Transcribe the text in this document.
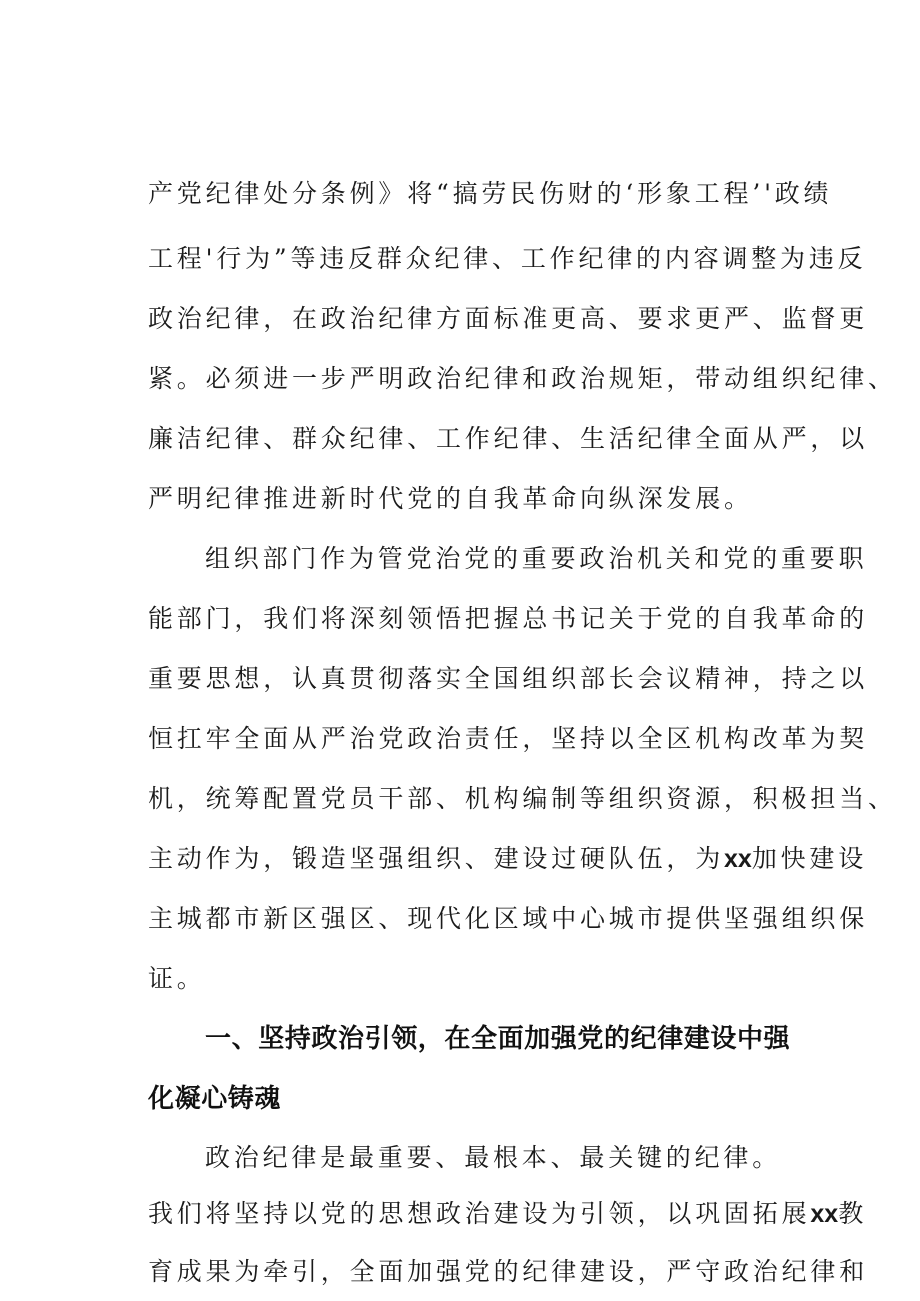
产党纪律处分条例》将“搞劳民伤财的‘形象工程’'政绩
工程'行为”等违反群众纪律、工作纪律的内容调整为违反
政治纪律，在政治纪律方面标准更高、要求更严、监督更
紧。必须进一步严明政治纪律和政治规矩，带动组织纪律、
廉洁纪律、群众纪律、工作纪律、生活纪律全面从严，以
严明纪律推进新时代党的自我革命向纵深发展。
组织部门作为管党治党的重要政治机关和党的重要职
能部门，我们将深刻领悟把握总书记关于党的自我革命的
重要思想，认真贯彻落实全国组织部长会议精神，持之以
恒扛牢全面从严治党政治责任，坚持以全区机构改革为契
机，统筹配置党员干部、机构编制等组织资源，积极担当、
主动作为，锻造坚强组织、建设过硬队伍，为xx加快建设
主城都市新区强区、现代化区域中心城市提供坚强组织保
证。
一、坚持政治引领，在全面加强党的纪律建设中强
化凝心铸魂
政治纪律是最重要、最根本、最关键的纪律。
我们将坚持以党的思想政治建设为引领，以巩固拓展xx教
育成果为牵引，全面加强党的纪律建设，严守政治纪律和
